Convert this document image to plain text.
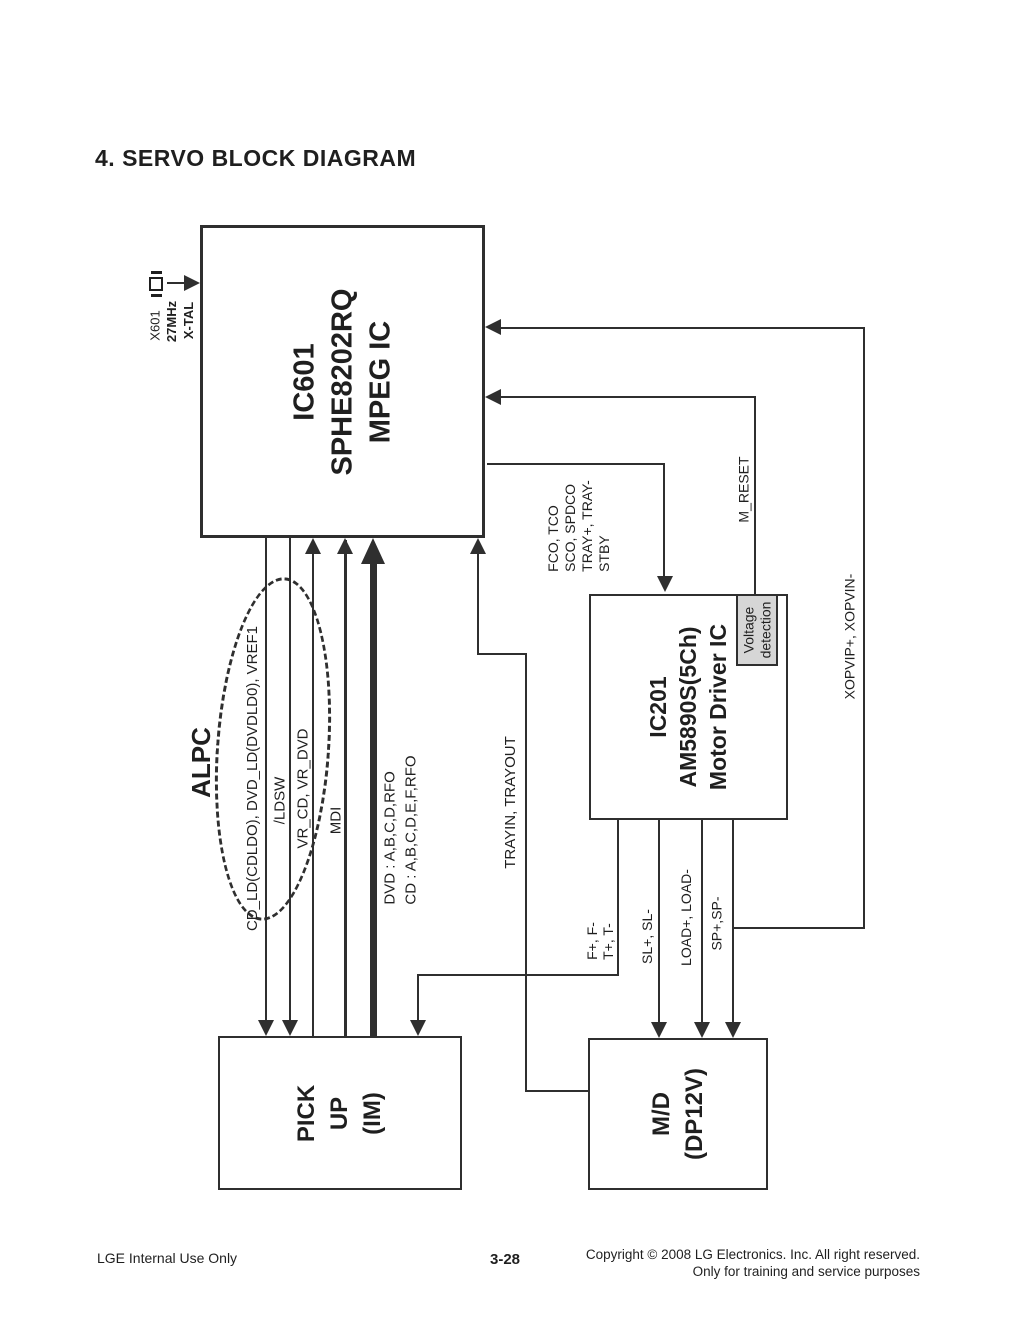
4. SERVO BLOCK DIAGRAM
IC601 SPHE8202RQ MPEG IC
IC201 AM5890S(5Ch) Motor Driver IC Voltage detection
PICK UP (IM)	M/D (DP12V)
X601 27MHz X-TAL
ALPC CD_LD(CDLDO), DVD_LD(DVDLD0), VREF1 /LDSW VR_CD, VR_DVD MDI	DVD : A,B,C,D,RFO CD : A,B,C,D,E,F,RFO	TRAYIN, TRAYOUT
FCO, TCO SCO, SPDCO TRAY+, TRAY- STBY
M_RESET
XOPVIP+, XOPVIN-
F+, F- T+, T- SL+, SL- LOAD+, LOAD- SP+,SP-
LGE Internal Use Only	3-28	Copyright © 2008 LG Electronics. Inc. All right reserved.
Only for training and service purposes
